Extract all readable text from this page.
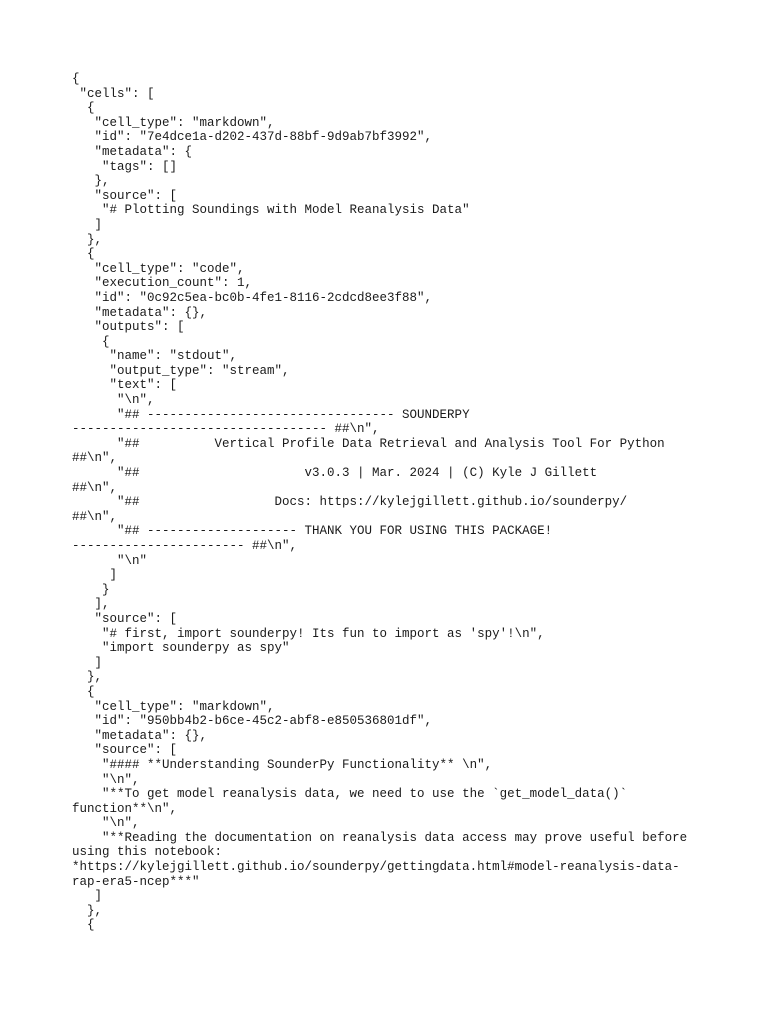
{
"cells": [
{
"cell_type": "markdown",
"id": "7e4dce1a-d202-437d-88bf-9d9ab7bf3992",
"metadata": {
"tags": []
},
"source": [
"# Plotting Soundings with Model Reanalysis Data"
]
},
{
"cell_type": "code",
"execution_count": 1,
"id": "0c92c5ea-bc0b-4fe1-8116-2cdcd8ee3f88",
"metadata": {},
"outputs": [
{
"name": "stdout",
"output_type": "stream",
"text": [
"\n",
"## --------------------------------- SOUNDERPY
---------------------------------- ##\n",
"##          Vertical Profile Data Retrieval and Analysis Tool For Python
##\n",
"##                      v3.0.3 | Mar. 2024 | (C) Kyle J Gillett
##\n",
"##                  Docs: https://kylejgillett.github.io/sounderpy/
##\n",
"## -------------------- THANK YOU FOR USING THIS PACKAGE!
----------------------- ##\n",
"\n"
]
}
],
"source": [
"# first, import sounderpy! Its fun to import as 'spy'!\n",
"import sounderpy as spy"
]
},
{
"cell_type": "markdown",
"id": "950bb4b2-b6ce-45c2-abf8-e850536801df",
"metadata": {},
"source": [
"#### **Understanding SounderPy Functionality** \n",
"\n",
"**To get model reanalysis data, we need to use the `get_model_data()`
function**\n",
"\n",
"**Reading the documentation on reanalysis data access may prove useful before
using this notebook:
*https://kylejgillett.github.io/sounderpy/gettingdata.html#model-reanalysis-data-
rap-era5-ncep***"
]
},
{
